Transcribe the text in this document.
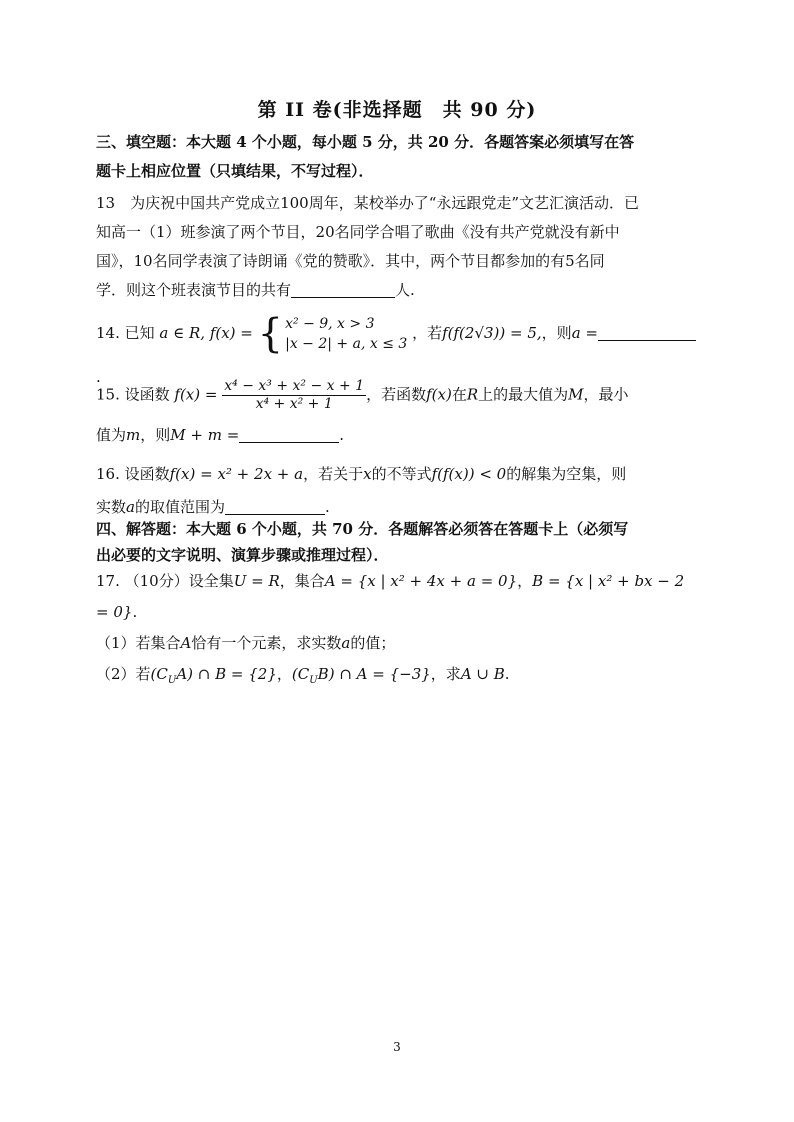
第 II 卷(非选择题　共 90 分)
三、填空题：本大题 4 个小题，每小题 5 分，共 20 分．各题答案必须填写在答
题卡上相应位置（只填结果，不写过程）．
13　为庆祝中国共产党成立100周年，某校举办了“永远跟党走”文艺汇演活动．已
知高一（1）班参演了两个节目，20名同学合唱了歌曲《没有共产党就没有新中
国》，10名同学表演了诗朗诵《党的赞歌》．其中，两个节目都参加的有5名同
学．则这个班表演节目的共有	人.
14. 已知 a ∈ R, f(x) = { x² − 9, x > 3
|x − 2| + a, x ≤ 3
，若f(f(2√3)) = 5,，则a =.
15. 设函数 $f(x) = \frac{\text{x⁴ − x³ + x² − x + 1}}{\text{x⁴ + x² + 1}}$ ，若函数f(x)在R上的最大值为M，最小
值为m，则M + m =	.
16. 设函数f(x) = x² + 2x + a，若关于x的不等式f(f(x)) < 0的解集为空集，则
实数a的取值范围为	.
四、解答题：本大题 6 个小题，共 70 分．各题解答必须答在答题卡上（必须写
出必要的文字说明、演算步骤或推理过程）．
17. （10分）设全集U = R，集合A = {x | x² + 4x + a = 0}，B = {x | x² + bx − 2 = 0}.
（1）若集合A恰有一个元素，求实数a的值；
（2）若$(C_UA)$ ∩ B = {2}，$(C_UB)$ ∩ A = {−3}，求A ∪ B.
3
